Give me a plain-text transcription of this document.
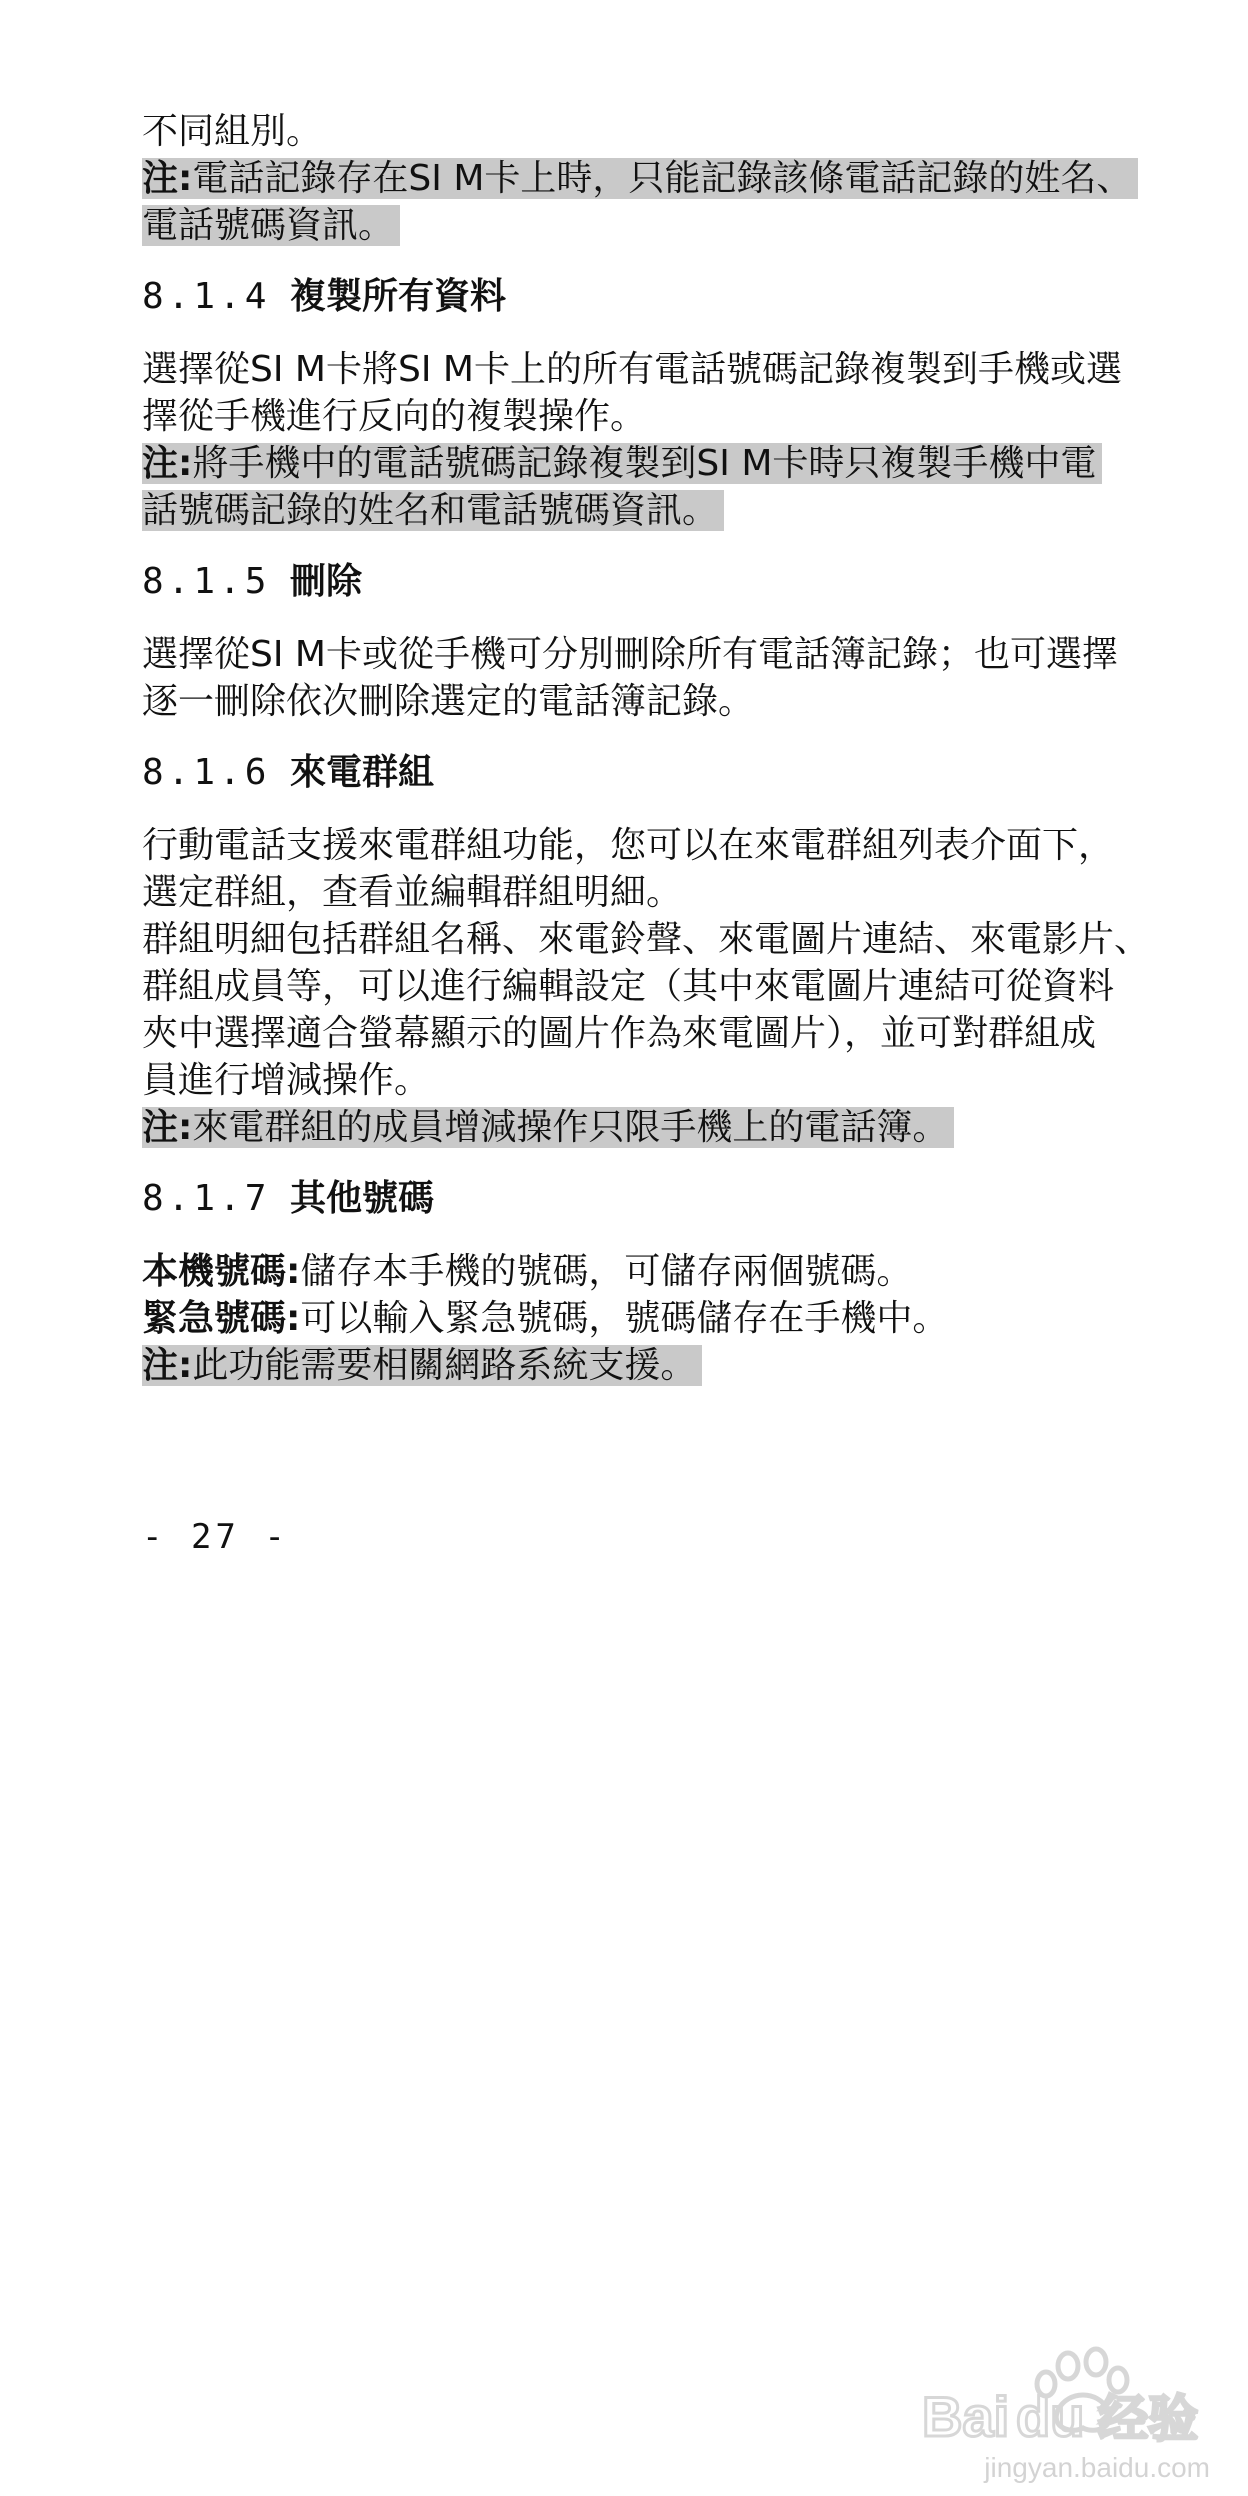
不同組別。
注:電話記錄存在SI M卡上時，只能記錄該條電話記錄的姓名、
電話號碼資訊。
8.1.4 複製所有資料
選擇從SI M卡將SI M卡上的所有電話號碼記錄複製到手機或選
擇從手機進行反向的複製操作。
注:將手機中的電話號碼記錄複製到SI M卡時只複製手機中電
話號碼記錄的姓名和電話號碼資訊。
8.1.5 刪除
選擇從SI M卡或從手機可分別刪除所有電話簿記錄；也可選擇
逐一刪除依次刪除選定的電話簿記錄。
8.1.6 來電群組
行動電話支援來電群組功能，您可以在來電群組列表介面下，
選定群組，查看並編輯群組明細。
群組明細包括群組名稱、來電鈴聲、來電圖片連結、來電影片、
群組成員等，可以進行編輯設定（其中來電圖片連結可從資料
夾中選擇適合螢幕顯示的圖片作為來電圖片），並可對群組成
員進行增減操作。
注:來電群組的成員增減操作只限手機上的電話簿。
8.1.7 其他號碼
本機號碼:儲存本手機的號碼，可儲存兩個號碼。
緊急號碼:可以輸入緊急號碼，號碼儲存在手機中。
注:此功能需要相關網路系統支援。
- 27 -
Bai du 经验
jingyan.baidu.com
